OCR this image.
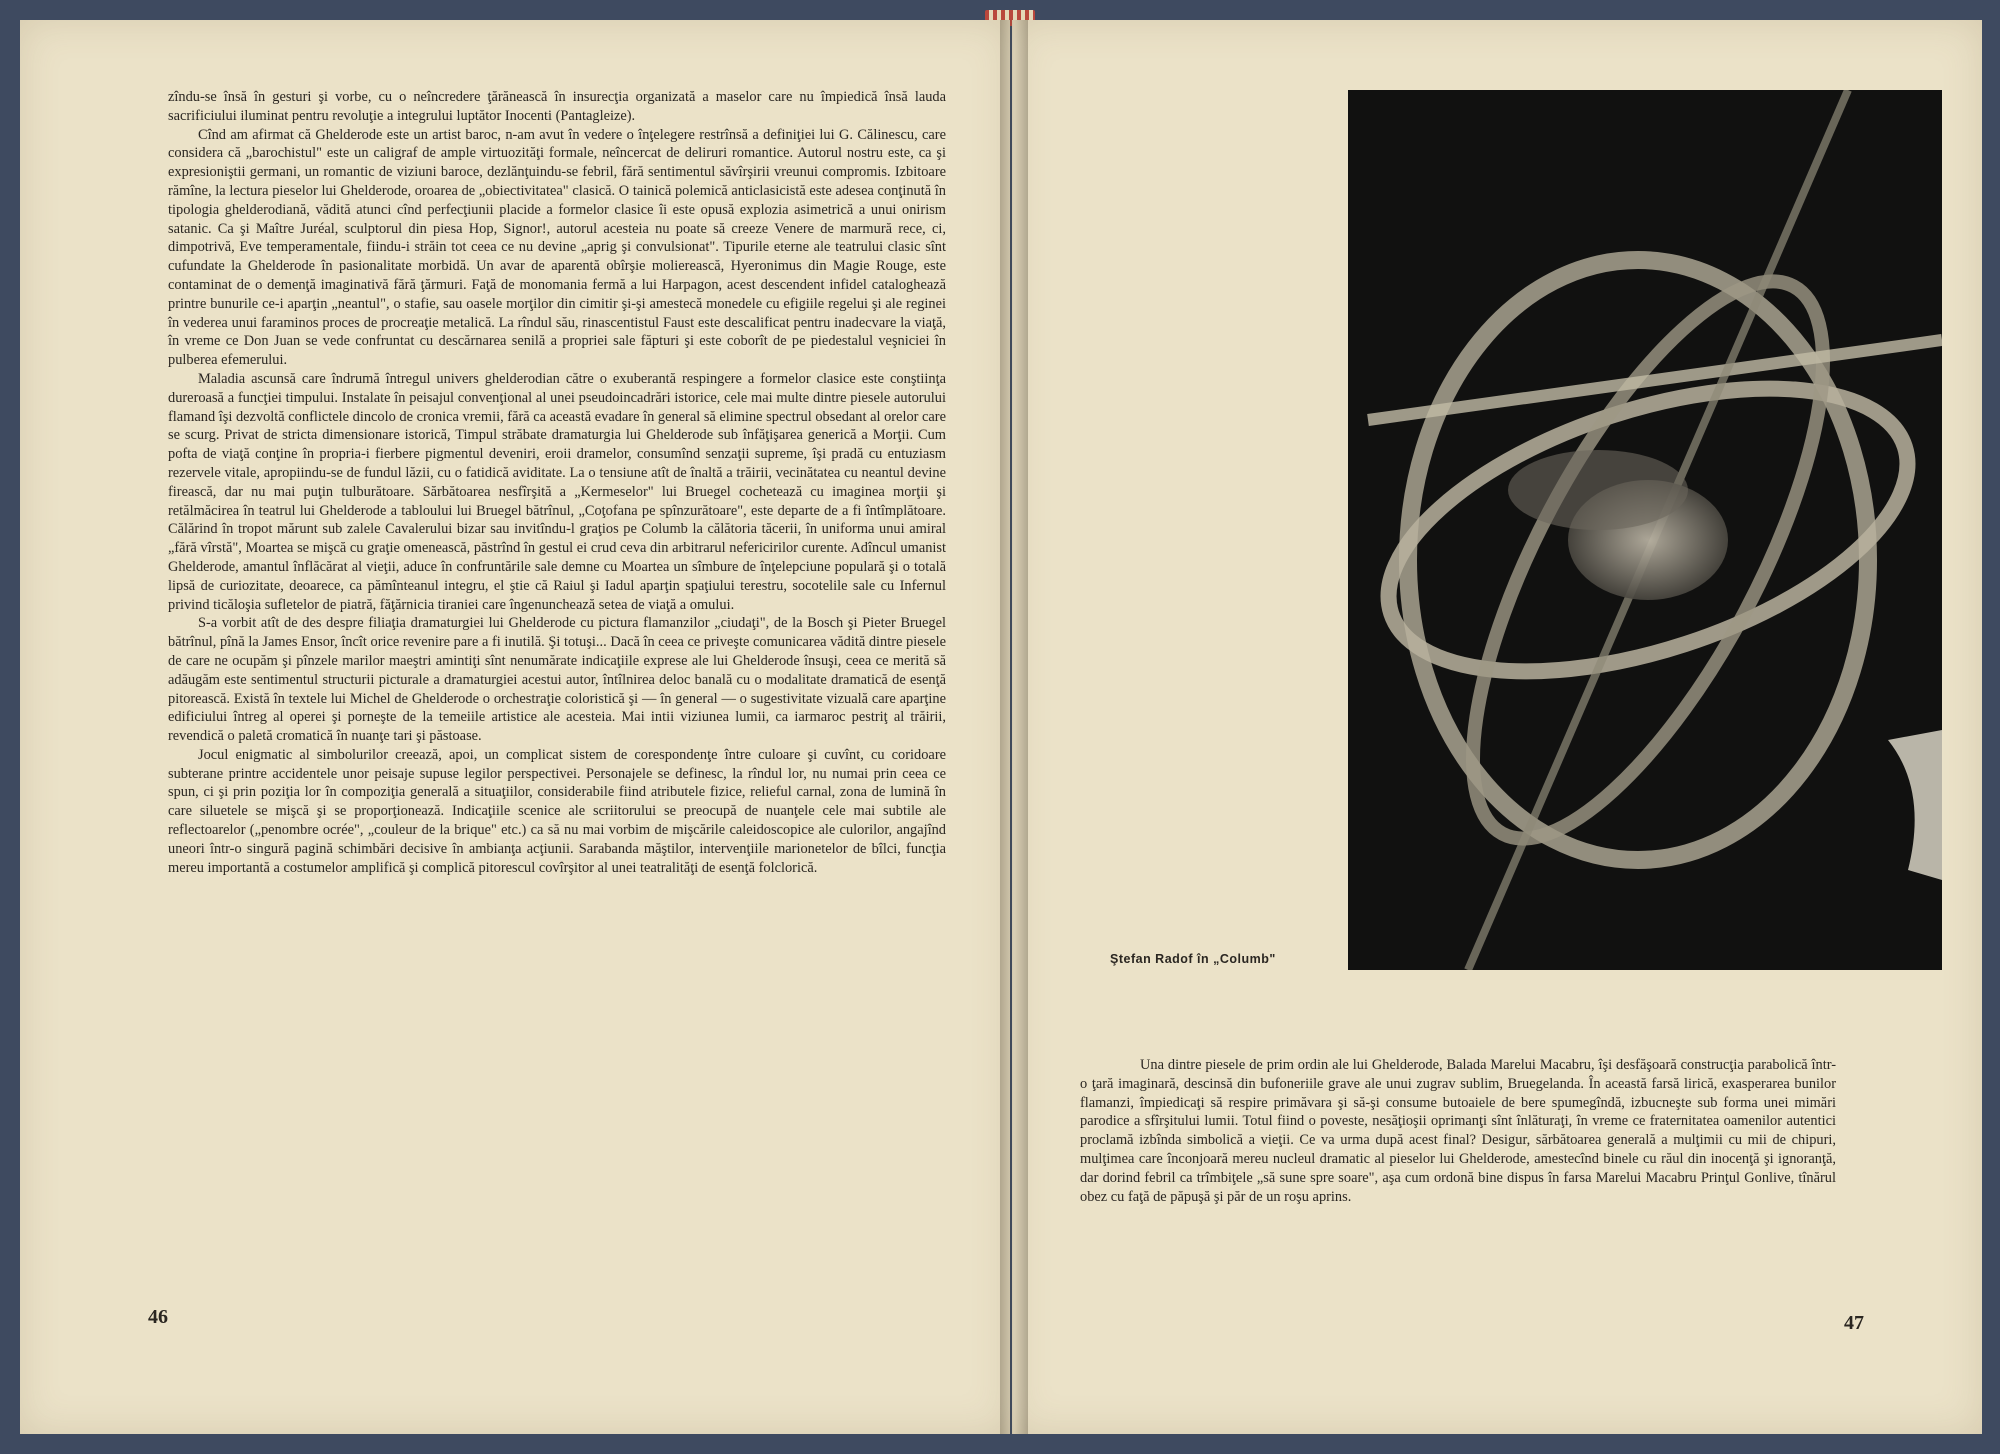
zîndu-se însă în gesturi şi vorbe, cu o neîncredere ţărănească în insurecţia organizată a maselor care nu împiedică însă lauda sacrificiului iluminat pentru revoluţie a integrului luptător Inocenti (Pantagleize).

Cînd am afirmat că Ghelderode este un artist baroc, n-am avut în vedere o înţelegere restrînsă a definiţiei lui G. Călinescu, care considera că „barochistul" este un caligraf de ample virtuozităţi formale, neîncercat de deliruri romantice. Autorul nostru este, ca şi expresioniştii germani, un romantic de viziuni baroce, dezlănţuindu-se febril, fără sentimentul săvîrşirii vreunui compromis. Izbitoare rămîne, la lectura pieselor lui Ghelderode, oroarea de „obiectivitatea" clasică. O tainică polemică anticlasicistă este adesea conţinută în tipologia ghelderodiană, vădită atunci cînd perfecţiunii placide a formelor clasice îi este opusă explozia asimetrică a unui onirism satanic. Ca şi Maître Juréal, sculptorul din piesa Hop, Signor!, autorul acesteia nu poate să creeze Venere de marmură rece, ci, dimpotrivă, Eve temperamentale, fiindu-i străin tot ceea ce nu devine „aprig şi convulsionat". Tipurile eterne ale teatrului clasic sînt cufundate la Ghelderode în pasionalitate morbidă. Un avar de aparentă obîrşie molierească, Hyeronimus din Magie Rouge, este contaminat de o demenţă imaginativă fără ţărmuri. Faţă de monomania fermă a lui Harpagon, acest descendent infidel cataloghează printre bunurile ce-i aparţin „neantul", o stafie, sau oasele morţilor din cimitir şi-şi amestecă monedele cu efigiile regelui şi ale reginei în vederea unui faraminos proces de procreaţie metalică. La rîndul său, rinascentistul Faust este descalificat pentru inadecvare la viaţă, în vreme ce Don Juan se vede confruntat cu descărnarea senilă a propriei sale făpturi şi este coborît de pe piedestalul veşniciei în pulberea efemerului.

Maladia ascunsă care îndrumă întregul univers ghelderodian către o exuberantă respingere a formelor clasice este conştiinţa dureroasă a funcţiei timpului. Instalate în peisajul convenţional al unei pseudoincadrări istorice, cele mai multe dintre piesele autorului flamand îşi dezvoltă conflictele dincolo de cronica vremii, fără ca această evadare în general să elimine spectrul obsedant al orelor care se scurg. Privat de stricta dimensionare istorică, Timpul străbate dramaturgia lui Ghelderode sub înfăţişarea generică a Morţii. Cum pofta de viaţă conţine în propria-i fierbere pigmentul deveniri, eroii dramelor, consumînd senzaţii supreme, îşi pradă cu entuziasm rezervele vitale, apropiindu-se de fundul lăzii, cu o fatidică aviditate. La o tensiune atît de înaltă a trăirii, vecinătatea cu neantul devine firească, dar nu mai puţin tulburătoare. Sărbătoarea nesfîrşită a „Kermeselor" lui Bruegel cochetează cu imaginea morţii şi retălmăcirea în teatrul lui Ghelderode a tabloului lui Bruegel bătrînul, „Coţofana pe spînzurătoare", este departe de a fi întîmplătoare. Călărind în tropot mărunt sub zalele Cavalerului bizar sau invitîndu-l graţios pe Columb la călătoria tăcerii, în uniforma unui amiral „fără vîrstă", Moartea se mişcă cu graţie omenească, păstrînd în gestul ei crud ceva din arbitrarul nefericirilor curente. Adîncul umanist Ghelderode, amantul înflăcărat al vieţii, aduce în confruntările sale demne cu Moartea un sîmbure de înţelepciune populară şi o totală lipsă de curiozitate, deoarece, ca pămînteanul integru, el ştie că Raiul şi Iadul aparţin spaţiului terestru, socotelile sale cu Infernul privind ticăloşia sufletelor de piatră, făţărnicia tiraniei care îngenunchează setea de viaţă a omului.

S-a vorbit atît de des despre filiaţia dramaturgiei lui Ghelderode cu pictura flamanzilor „ciudaţi", de la Bosch şi Pieter Bruegel bătrînul, pînă la James Ensor, încît orice revenire pare a fi inutilă. Şi totuşi... Dacă în ceea ce priveşte comunicarea vădită dintre piesele de care ne ocupăm şi pînzele marilor maeştri amintiţi sînt nenumărate indicaţiile exprese ale lui Ghelderode însuşi, ceea ce merită să adăugăm este sentimentul structurii picturale a dramaturgiei acestui autor, întîlnirea deloc banală cu o modalitate dramatică de esenţă pitorească. Există în textele lui Michel de Ghelderode o orchestraţie coloristică şi — în general — o sugestivitate vizuală care aparţine edificiului întreg al operei şi porneşte de la temeiile artistice ale acesteia. Mai intii viziunea lumii, ca iarmaroc pestriţ al trăirii, revendică o paletă cromatică în nuanţe tari şi păstoase.

Jocul enigmatic al simbolurilor creează, apoi, un complicat sistem de corespondenţe între culoare şi cuvînt, cu coridoare subterane printre accidentele unor peisaje supuse legilor perspectivei. Personajele se definesc, la rîndul lor, nu numai prin ceea ce spun, ci şi prin poziţia lor în compoziţia generală a situaţiilor, considerabile fiind atributele fizice, relieful carnal, zona de lumină în care siluetele se mişcă şi se proporţionează. Indicaţiile scenice ale scriitorului se preocupă de nuanţele cele mai subtile ale reflectoarelor („penombre ocrée", „couleur de la brique" etc.) ca să nu mai vorbim de mişcările caleidoscopice ale culorilor, angajînd uneori într-o singură pagină schimbări decisive în ambianţa acţiunii. Sarabanda măştilor, intervenţiile marionetelor de bîlci, funcţia mereu importantă a costumelor amplifică şi complică pitorescul covîrşitor al unei teatralităţi de esenţă folclorică.

46
Ştefan Radof în „Columb"

Una dintre piesele de prim ordin ale lui Ghelderode, Balada Marelui Macabru, îşi desfăşoară construcţia parabolică într-o ţară imaginară, descinsă din bufoneriile grave ale unui zugrav sublim, Bruegelanda. În această farsă lirică, exasperarea bunilor flamanzi, împiedicaţi să respire primăvara şi să-şi consume butoaiele de bere spumegîndă, izbucneşte sub forma unei mimări parodice a sfîrşitului lumii. Totul fiind o poveste, nesăţioşii oprimanţi sînt înlăturaţi, în vreme ce fraternitatea oamenilor autentici proclamă izbînda simbolică a vieţii. Ce va urma după acest final? Desigur, sărbătoarea generală a mulţimii cu mii de chipuri, mulţimea care înconjoară mereu nucleul dramatic al pieselor lui Ghelderode, amestecînd binele cu răul din inocenţă şi ignoranţă, dar dorind febril ca trîmbiţele „să sune spre soare", aşa cum ordonă bine dispus în farsa Marelui Macabru Prinţul Gonlive, tînărul obez cu faţă de păpuşă şi păr de un roşu aprins.

47
